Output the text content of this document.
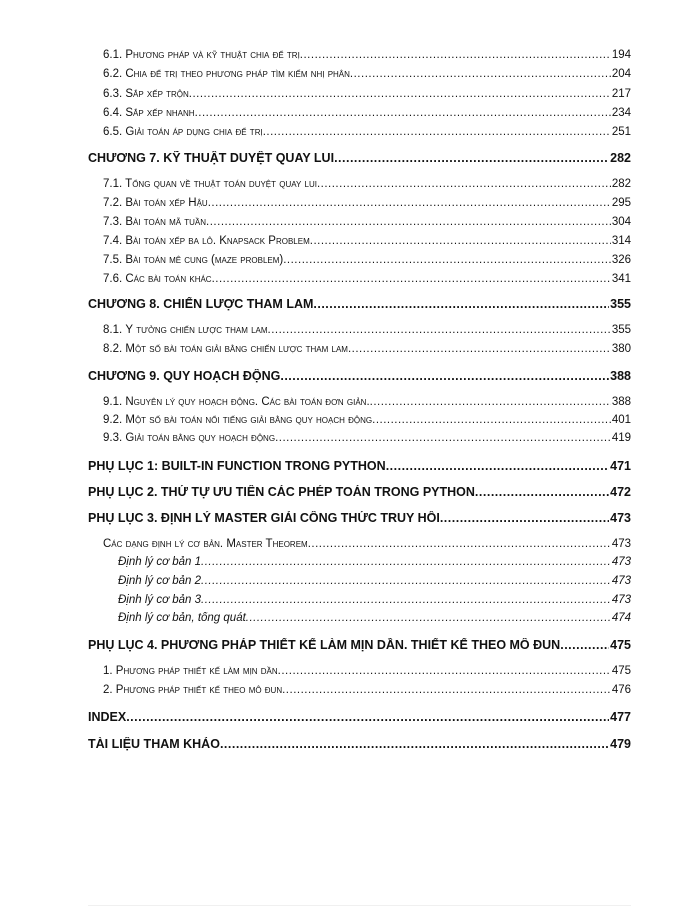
6.1. Phương pháp và kỹ thuật chia để trị .....	194
6.2. Chia để trị theo phương pháp tìm kiếm nhị phân .....	204
6.3. Sắp xếp trộn .....	217
6.4. Sắp xếp nhanh .....	234
6.5. Giải toán áp dụng chia để trị .....	251
CHƯƠNG 7. KỸ THUẬT DUYỆT QUAY LUI .....	282
7.1. Tổng quan về thuật toán duyệt quay lui .....	282
7.2. Bài toán xếp Hậu .....	295
7.3. Bài toán mã tuần .....	304
7.4. Bài toán xếp ba lô. Knapsack Problem .....	314
7.5. Bài toán mê cung (maze problem) .....	326
7.6. Các bài toán khác .....	341
CHƯƠNG 8. CHIẾN LƯỢC THAM LAM .....	355
8.1. Ý tưởng chiến lược tham lam .....	355
8.2. Một số bài toán giải bằng chiến lược tham lam .....	380
CHƯƠNG 9. QUY HOẠCH ĐỘNG .....	388
9.1. Nguyên lý quy hoạch động. Các bài toán đơn giản. .....	388
9.2. Một số bài toán nổi tiếng giải bằng quy hoạch động .....	401
9.3. Giải toán bằng quy hoạch động .....	419
PHỤ LỤC 1: BUILT-IN FUNCTION TRONG PYTHON .....	471
PHỤ LỤC 2. THỨ TỰ ƯU TIÊN CÁC PHÉP TOÁN TRONG PYTHON .....	472
PHỤ LỤC 3. ĐỊNH LÝ MASTER GIẢI CÔNG THỨC TRUY HỒI .....	473
Các dạng định lý cơ bản. Master Theorem .....	473
Định lý cơ bản 1 .....	473
Định lý cơ bản 2 .....	473
Định lý cơ bản 3 .....	473
Định lý cơ bản, tổng quát .....	474
PHỤ LỤC 4. PHƯƠNG PHÁP THIẾT KẾ LÀM MỊN DẦN. THIẾT KẾ THEO MÔ ĐUN .....	475
1. Phương pháp thiết kế làm mịn dần .....	475
2. Phương pháp thiết kế theo mô đun .....	476
INDEX .....	477
TÀI LIỆU THAM KHẢO .....	479
